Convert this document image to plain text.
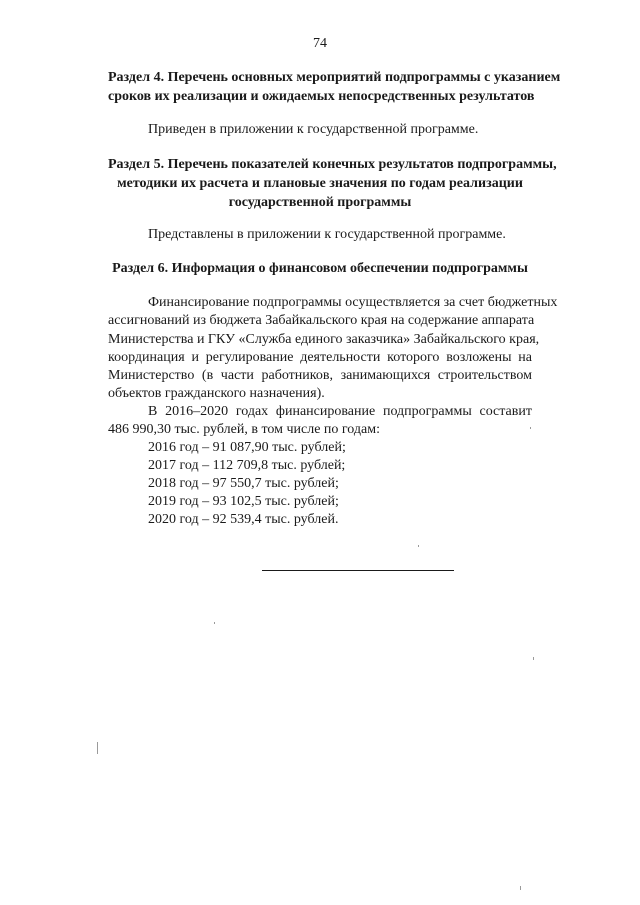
74
Раздел 4. Перечень основных мероприятий подпрограммы с указанием
сроков их реализации и ожидаемых непосредственных результатов
Приведен в приложении к государственной программе.
Раздел 5. Перечень показателей конечных результатов подпрограммы,
методики их расчета и плановые значения по годам реализации
государственной программы
Представлены в приложении к государственной программе.
Раздел 6. Информация о финансовом обеспечении подпрограммы
Финансирование подпрограммы осуществляется за счет бюджетных
ассигнований из бюджета Забайкальского края на содержание аппарата
Министерства и ГКУ «Служба единого заказчика» Забайкальского края,
координация и регулирование деятельности которого возложены на
Министерство (в части работников, занимающихся строительством
объектов гражданского назначения).
В 2016–2020 годах финансирование подпрограммы составит
486 990,30 тыс. рублей, в том числе по годам:
2016 год – 91 087,90 тыс. рублей;
2017 год – 112 709,8 тыс. рублей;
2018 год – 97 550,7 тыс. рублей;
2019 год – 93 102,5 тыс. рублей;
2020 год – 92 539,4 тыс. рублей.
